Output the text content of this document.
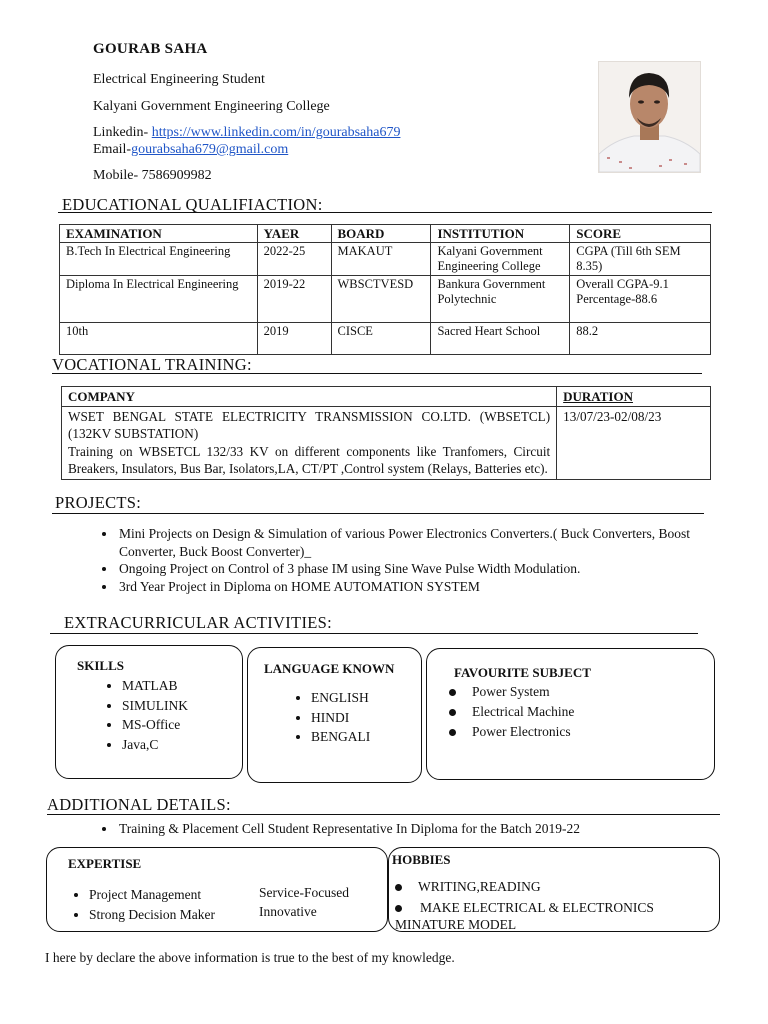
GOURAB SAHA
Electrical Engineering Student
Kalyani Government Engineering College
Linkedin- https://www.linkedin.com/in/gourabsaha679
Email-gourabsaha679@gmail.com
Mobile- 7586909982
EDUCATIONAL QUALIFIACTION:
EXAMINATION	YAER	BOARD	INSTITUTION	SCORE
B.Tech In Electrical Engineering	2022-25	MAKAUT	Kalyani Government Engineering College	CGPA (Till 6th SEM 8.35)
Diploma In Electrical Engineering	2019-22	WBSCTVESD	Bankura Government Polytechnic	Overall CGPA-9.1 Percentage-88.6
10th	2019	CISCE	Sacred Heart School	88.2
VOCATIONAL TRAINING:
COMPANY	DURATION

WSET BENGAL STATE ELECTRICITY TRANSMISSION CO.LTD. (WBSETCL) (132KV SUBSTATION)
Training on WBSETCL 132/33 KV on different components like Tranfomers, Circuit Breakers, Insulators, Bus Bar, Isolators,LA, CT/PT ,Control system (Relays, Batteries etc).	13/07/23-02/08/23
PROJECTS:
• Mini Projects on Design & Simulation of various Power Electronics Converters.( Buck Converters, Boost Converter, Buck Boost Converter)_
• Ongoing Project on Control of 3 phase IM using Sine Wave Pulse Width Modulation.
• 3rd Year Project in Diploma on HOME AUTOMATION SYSTEM
EXTRACURRICULAR ACTIVITIES:
SKILLS
• MATLAB
• SIMULINK
• MS-Office
• Java,C
LANGUAGE KNOWN
• ENGLISH
• HINDI
• BENGALI
FAVOURITE SUBJECT
Power System
Electrical Machine
Power Electronics
ADDITIONAL DETAILS:
• Training & Placement Cell Student Representative In Diploma for the Batch 2019-22
EXPERTISE
• Project Management
• Strong Decision Maker
Service-Focused
Innovative
HOBBIES
WRITING,READING
MAKE ELECTRICAL & ELECTRONICS MINATURE MODEL
I here by declare the above information is true to the best of my knowledge.
